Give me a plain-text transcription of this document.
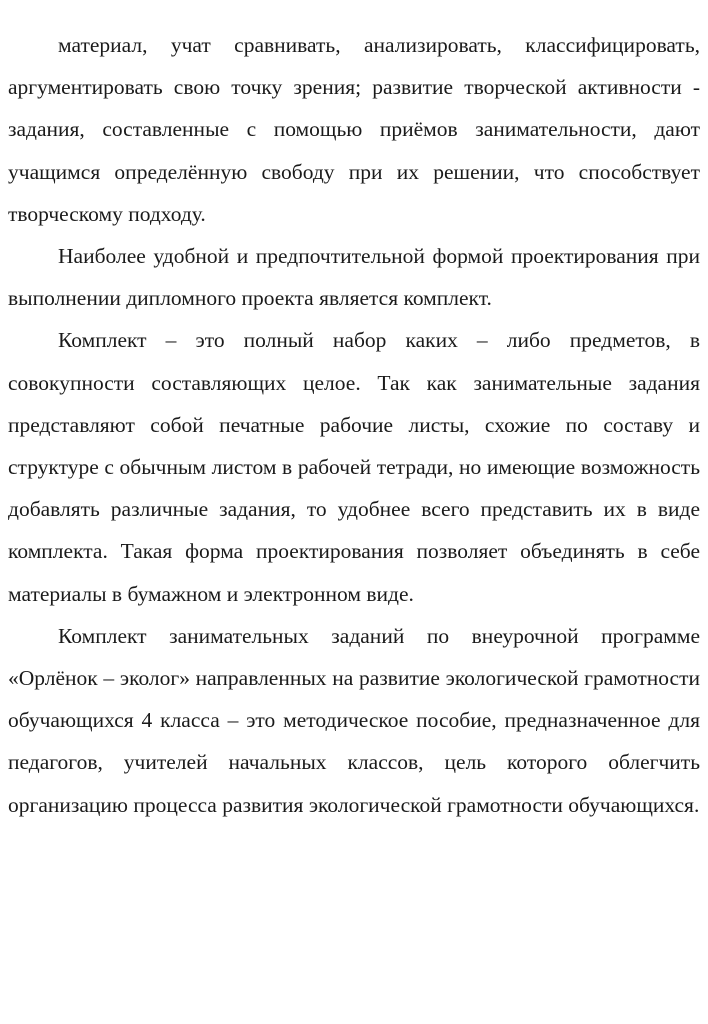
материал, учат сравнивать, анализировать, классифицировать, аргументировать свою точку зрения; развитие творческой активности - задания, составленные с помощью приёмов занимательности, дают учащимся определённую свободу при их решении, что способствует творческому подходу.

Наиболее удобной и предпочтительной формой проектирования при выполнении дипломного проекта является комплект.

Комплект – это полный набор каких – либо предметов, в совокупности составляющих целое. Так как занимательные задания представляют собой печатные рабочие листы, схожие по составу и структуре с обычным листом в рабочей тетради, но имеющие возможность добавлять различные задания, то удобнее всего представить их в виде комплекта. Такая форма проектирования позволяет объединять в себе материалы в бумажном и электронном виде.

Комплект занимательных заданий по внеурочной программе «Орлёнок – эколог» направленных на развитие экологической грамотности обучающихся 4 класса – это методическое пособие, предназначенное для педагогов, учителей начальных классов, цель которого облегчить организацию процесса развития экологической грамотности обучающихся.
